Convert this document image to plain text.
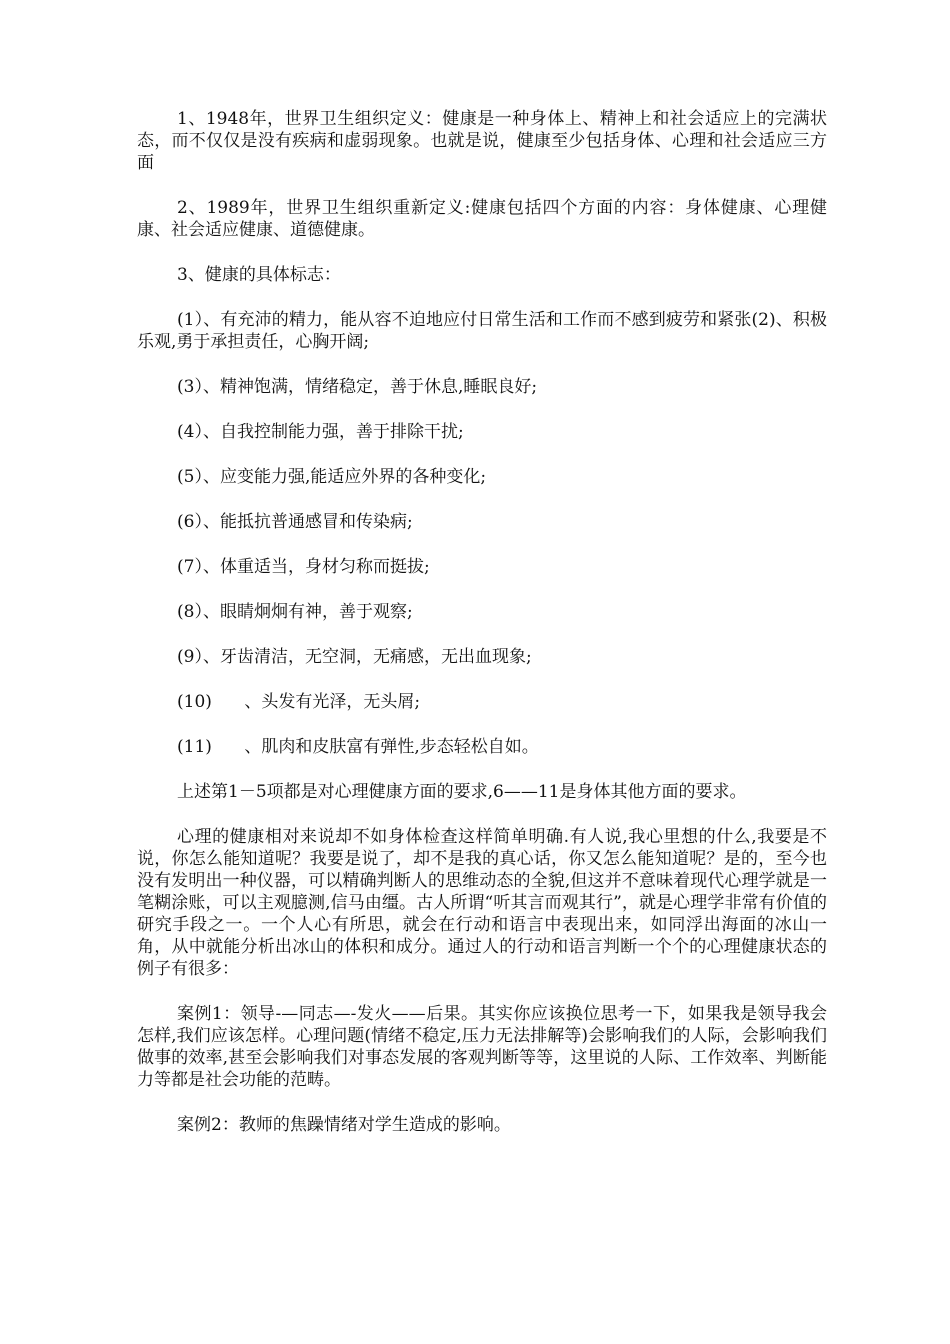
1、1948年，世界卫生组织定义：健康是一种身体上、精神上和社会适应上的完满状态，而不仅仅是没有疾病和虚弱现象。也就是说，健康至少包括身体、心理和社会适应三方面

2、1989年，世界卫生组织重新定义:健康包括四个方面的内容：身体健康、心理健康、社会适应健康、道德健康。

3、健康的具体标志：

(1）、有充沛的精力，能从容不迫地应付日常生活和工作而不感到疲劳和紧张(2)、积极乐观,勇于承担责任，心胸开阔;

(3）、精神饱满，情绪稳定，善于休息,睡眠良好;

(4）、自我控制能力强，善于排除干扰;

(5）、应变能力强,能适应外界的各种变化;

(6）、能抵抗普通感冒和传染病;

(7）、体重适当，身材匀称而挺拔;

(8）、眼睛炯炯有神，善于观察;

(9）、牙齿清洁，无空洞，无痛感，无出血现象;

(10)      、头发有光泽，无头屑;

(11)      、肌肉和皮肤富有弹性,步态轻松自如。

上述第1－5项都是对心理健康方面的要求,6——11是身体其他方面的要求。

心理的健康相对来说却不如身体检查这样简单明确.有人说,我心里想的什么,我要是不说，你怎么能知道呢？我要是说了，却不是我的真心话，你又怎么能知道呢？是的，至今也没有发明出一种仪器，可以精确判断人的思维动态的全貌,但这并不意味着现代心理学就是一笔糊涂账，可以主观臆测,信马由缰。古人所谓“听其言而观其行”，就是心理学非常有价值的研究手段之一。一个人心有所思，就会在行动和语言中表现出来，如同浮出海面的冰山一角，从中就能分析出冰山的体积和成分。通过人的行动和语言判断一个个的心理健康状态的例子有很多：

案例1：领导-—同志—-发火——后果。其实你应该换位思考一下，如果我是领导我会怎样,我们应该怎样。心理问题(情绪不稳定,压力无法排解等)会影响我们的人际，会影响我们做事的效率,甚至会影响我们对事态发展的客观判断等等，这里说的人际、工作效率、判断能力等都是社会功能的范畴。

案例2：教师的焦躁情绪对学生造成的影响。
